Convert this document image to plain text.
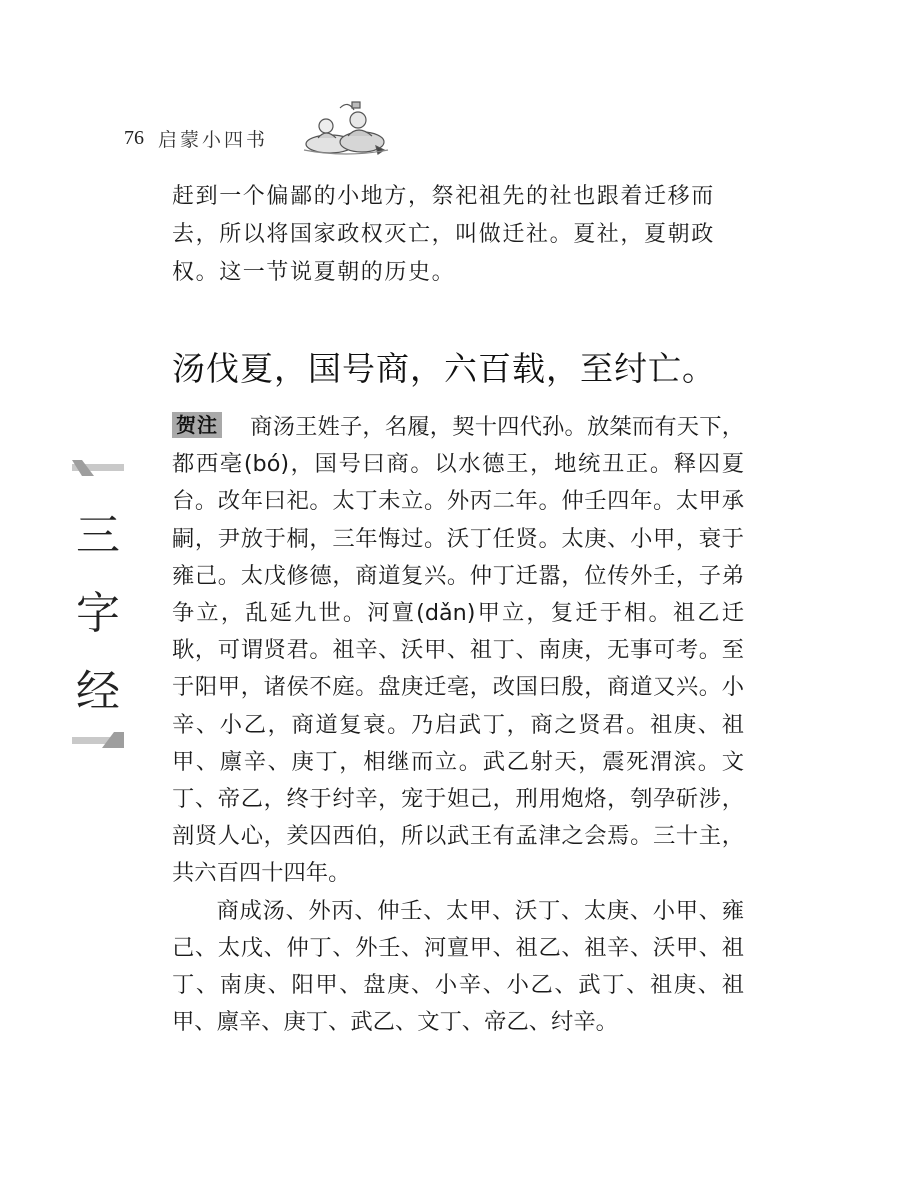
76 启蒙小四书
三
字
经

赶到一个偏鄙的小地方，祭祀祖先的社也跟着迁移而去，所以将国家政权灭亡，叫做迁社。夏社，夏朝政权。这一节说夏朝的历史。

汤伐夏，国号商，六百载，至纣亡。

贺注 商汤王姓子，名履，契十四代孙。放桀而有天下，都西亳(bó)，国号曰商。以水德王，地统丑正。释囚夏台。改年曰祀。太丁未立。外丙二年。仲壬四年。太甲承嗣，尹放于桐，三年悔过。沃丁任贤。太庚、小甲，衰于雍己。太戊修德，商道复兴。仲丁迁嚣，位传外壬，子弟争立，乱延九世。河亶(dǎn)甲立，复迁于相。祖乙迁耿，可谓贤君。祖辛、沃甲、祖丁、南庚，无事可考。至于阳甲，诸侯不庭。盘庚迁亳，改国曰殷，商道又兴。小辛、小乙，商道复衰。乃启武丁，商之贤君。祖庚、祖甲、廪辛、庚丁，相继而立。武乙射天，震死渭滨。文丁、帝乙，终于纣辛，宠于妲己，刑用炮烙，刳孕斫涉，剖贤人心，羑囚西伯，所以武王有孟津之会焉。三十主，共六百四十四年。

商成汤、外丙、仲壬、太甲、沃丁、太庚、小甲、雍己、太戊、仲丁、外壬、河亶甲、祖乙、祖辛、沃甲、祖丁、南庚、阳甲、盘庚、小辛、小乙、武丁、祖庚、祖甲、廪辛、庚丁、武乙、文丁、帝乙、纣辛。
